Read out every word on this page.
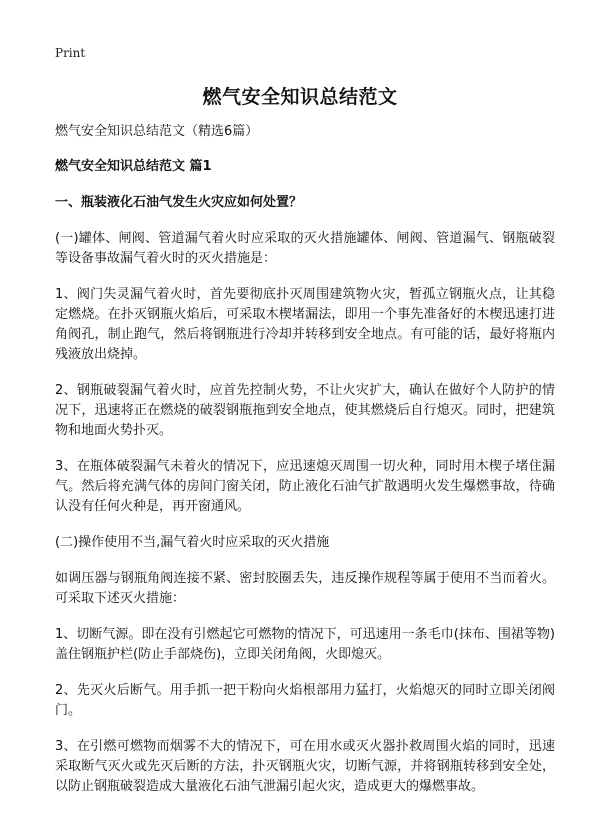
Print
燃气安全知识总结范文

燃气安全知识总结范文（精选6篇）

燃气安全知识总结范文 篇1

一、瓶装液化石油气发生火灾应如何处置？

(一)罐体、闸阀、管道漏气着火时应采取的灭火措施罐体、闸阀、管道漏气、钢瓶破裂等设备事故漏气着火时的灭火措施是：

1、阀门失灵漏气着火时，首先要彻底扑灭周围建筑物火灾，暂孤立钢瓶火点，让其稳定燃烧。在扑灭钢瓶火焰后，可采取木楔堵漏法，即用一个事先准备好的木楔迅速打进角阀孔，制止跑气，然后将钢瓶进行冷却并转移到安全地点。有可能的话，最好将瓶内残液放出烧掉。

2、钢瓶破裂漏气着火时，应首先控制火势，不让火灾扩大，确认在做好个人防护的情况下，迅速将正在燃烧的破裂钢瓶拖到安全地点，使其燃烧后自行熄灭。同时，把建筑物和地面火势扑灭。

3、在瓶体破裂漏气未着火的情况下，应迅速熄灭周围一切火种，同时用木楔子堵住漏气。然后将充满气体的房间门窗关闭，防止液化石油气扩散遇明火发生爆燃事故，待确认没有任何火种是，再开窗通风。

(二)操作使用不当,漏气着火时应采取的灭火措施

如调压器与钢瓶角阀连接不紧、密封胶圈丢失，违反操作规程等属于使用不当而着火。可采取下述灭火措施：

1、切断气源。即在没有引燃起它可燃物的情况下，可迅速用一条毛巾(抹布、围裙等物)盖住钢瓶护栏(防止手部烧伤)，立即关闭角阀，火即熄灭。

2、先灭火后断气。用手抓一把干粉向火焰根部用力猛打，火焰熄灭的同时立即关闭阀门。

3、在引燃可燃物而烟雾不大的情况下，可在用水或灭火器扑救周围火焰的同时，迅速采取断气灭火或先灭后断的方法，扑灭钢瓶火灾，切断气源，并将钢瓶转移到安全处，以防止钢瓶破裂造成大量液化石油气泄漏引起火灾，造成更大的爆燃事故。
